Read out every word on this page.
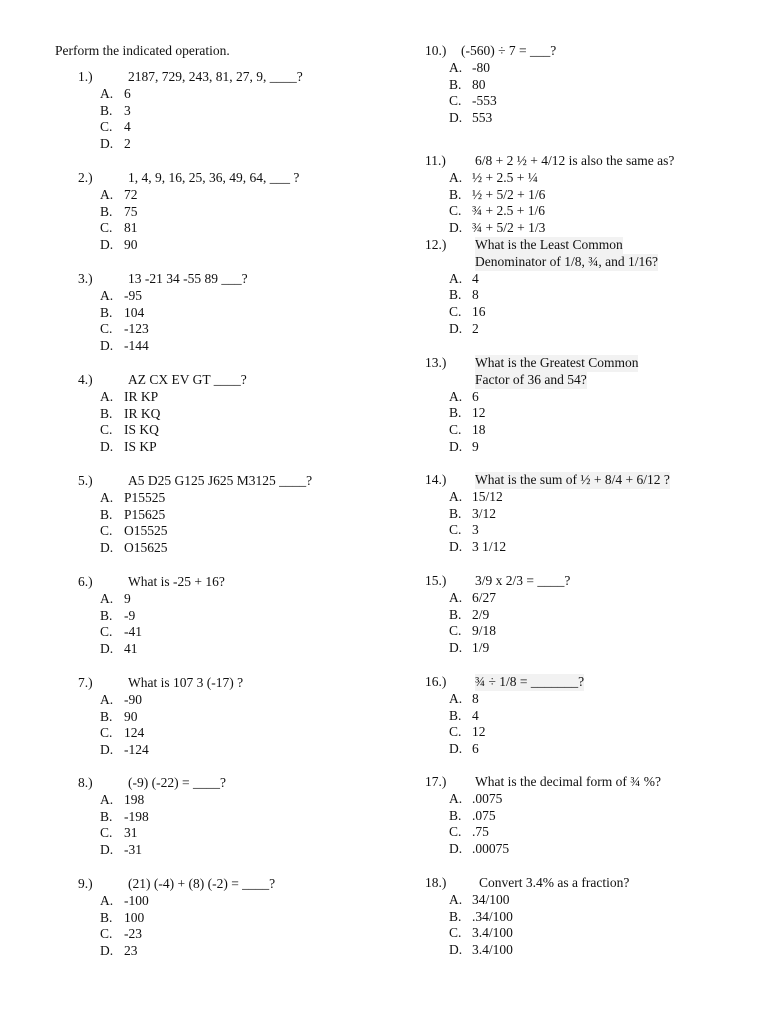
Perform the indicated operation.
1.)	2187, 729, 243, 81, 27, 9, ____?
A. 6
B. 3
C. 4
D. 2
2.)	1, 4, 9, 16, 25, 36, 49, 64, ___ ?
A. 72
B. 75
C. 81
D. 90
3.)	13 -21 34 -55 89 ___?
A. -95
B. 104
C. -123
D. -144
4.)	AZ CX EV GT ____?
A. IR KP
B. IR KQ
C. IS KQ
D. IS KP
5.)	A5 D25 G125 J625 M3125 ____?
A. P15525
B. P15625
C. O15525
D. O15625
6.)	What is -25 + 16?
A. 9
B. -9
C. -41
D. 41
7.)	What is 107 3 (-17) ?
A. -90
B. 90
C. 124
D. -124
8.)	(-9) (-22) = ____?
A. 198
B. -198
C. 31
D. -31
9.)	(21) (-4) + (8) (-2) = ____?
A. -100
B. 100
C. -23
D. 23
10.) (-560) ÷ 7 = ___?
A. -80
B. 80
C. -553
D. 553
11.) 6/8 + 2 ½ + 4/12 is also the same as?
A. ½ + 2.5 + ¼
B. ½ + 5/2 + 1/6
C. ¾ + 2.5 + 1/6
D. ¾ + 5/2 + 1/3
12.) What is the Least Common
Denominator of 1/8, ¾, and 1/16?
A. 4
B. 8
C. 16
D. 2
13.) What is the Greatest Common
Factor of 36 and 54?
A. 6
B. 12
C. 18
D. 9
14.) What is the sum of ½ + 8/4 + 6/12 ?
A. 15/12
B. 3/12
C. 3
D. 3 1/12
15.) 3/9 x 2/3 = ____?
A. 6/27
B. 2/9
C. 9/18
D. 1/9
16.) ¾ ÷ 1/8 = _______?
A. 8
B. 4
C. 12
D. 6
17.) What is the decimal form of ¾ %?
A. .0075
B. .075
C. .75
D. .00075
18.) Convert 3.4% as a fraction?
A. 34/100
B. .34/100
C. 3.4/100
D. 3.4/100
